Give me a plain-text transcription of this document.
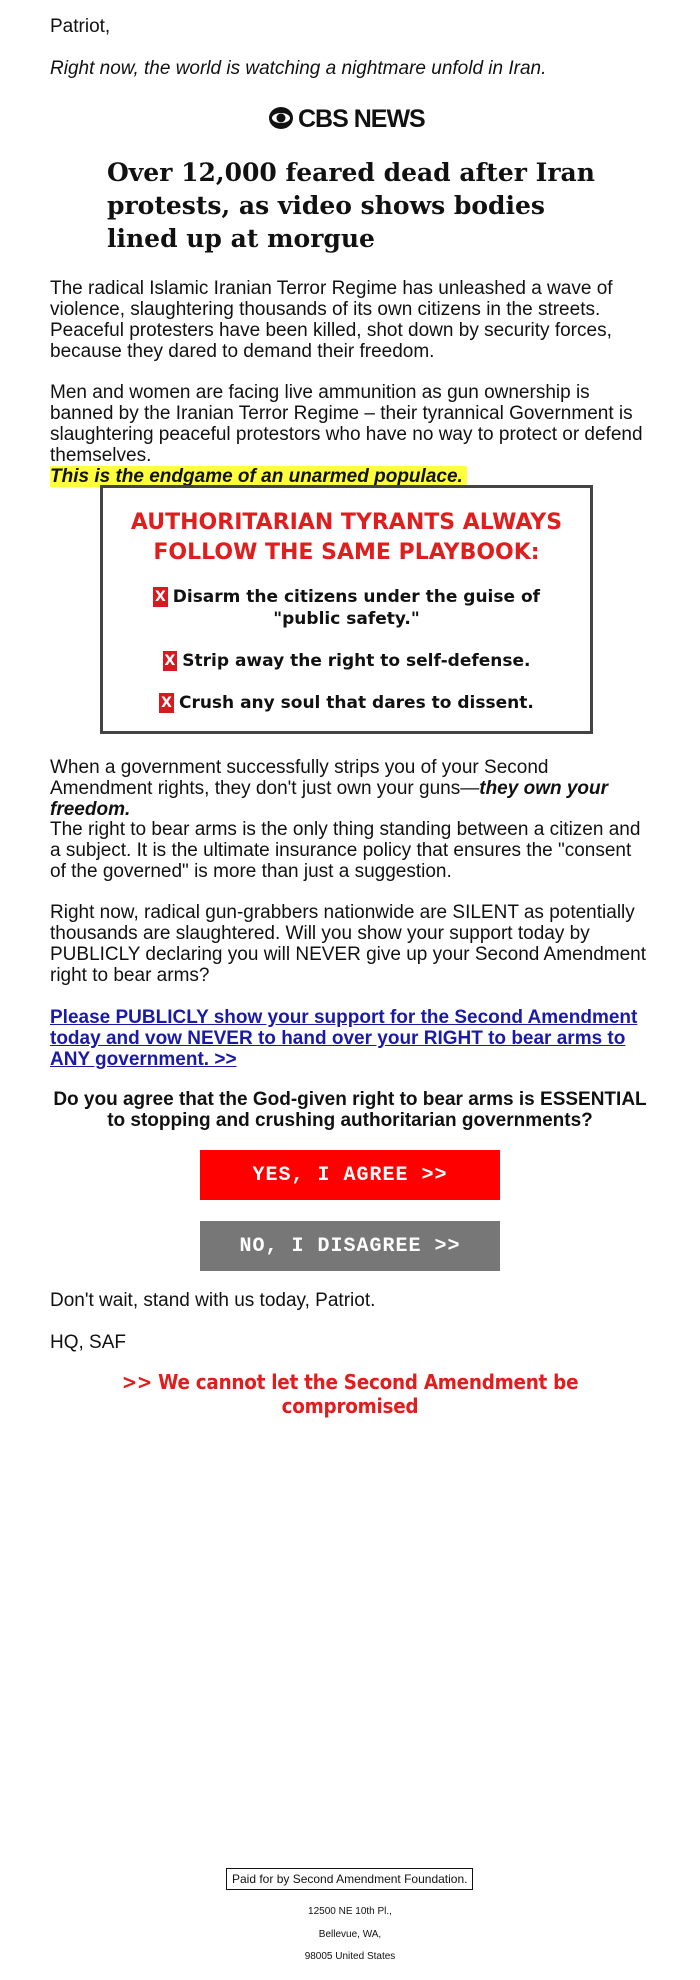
Patriot,

Right now, the world is watching a nightmare unfold in Iran.

CBS NEWS
Over 12,000 feared dead after Iran protests, as video shows bodies lined up at morgue

The radical Islamic Iranian Terror Regime has unleashed a wave of violence, slaughtering thousands of its own citizens in the streets. Peaceful protesters have been killed, shot down by security forces, because they dared to demand their freedom.

Men and women are facing live ammunition as gun ownership is banned by the Iranian Terror Regime – their tyrannical Government is slaughtering peaceful protestors who have no way to protect or defend themselves.
This is the endgame of an unarmed populace.

AUTHORITARIAN TYRANTS ALWAYS FOLLOW THE SAME PLAYBOOK:
X Disarm the citizens under the guise of "public safety."
X Strip away the right to self-defense.
X Crush any soul that dares to dissent.

When a government successfully strips you of your Second Amendment rights, they don't just own your guns—they own your freedom.

The right to bear arms is the only thing standing between a citizen and a subject. It is the ultimate insurance policy that ensures the "consent of the governed" is more than just a suggestion.

Right now, radical gun-grabbers nationwide are SILENT as potentially thousands are slaughtered. Will you show your support today by PUBLICLY declaring you will NEVER give up your Second Amendment right to bear arms?

Please PUBLICLY show your support for the Second Amendment today and vow NEVER to hand over your RIGHT to bear arms to ANY government. >>

Do you agree that the God-given right to bear arms is ESSENTIAL to stopping and crushing authoritarian governments?

YES, I AGREE >>
NO, I DISAGREE >>

Don't wait, stand with us today, Patriot.

HQ, SAF

>> We cannot let the Second Amendment be compromised

Paid for by Second Amendment Foundation.

12500 NE 10th Pl.,

Bellevue, WA,

98005 United States
